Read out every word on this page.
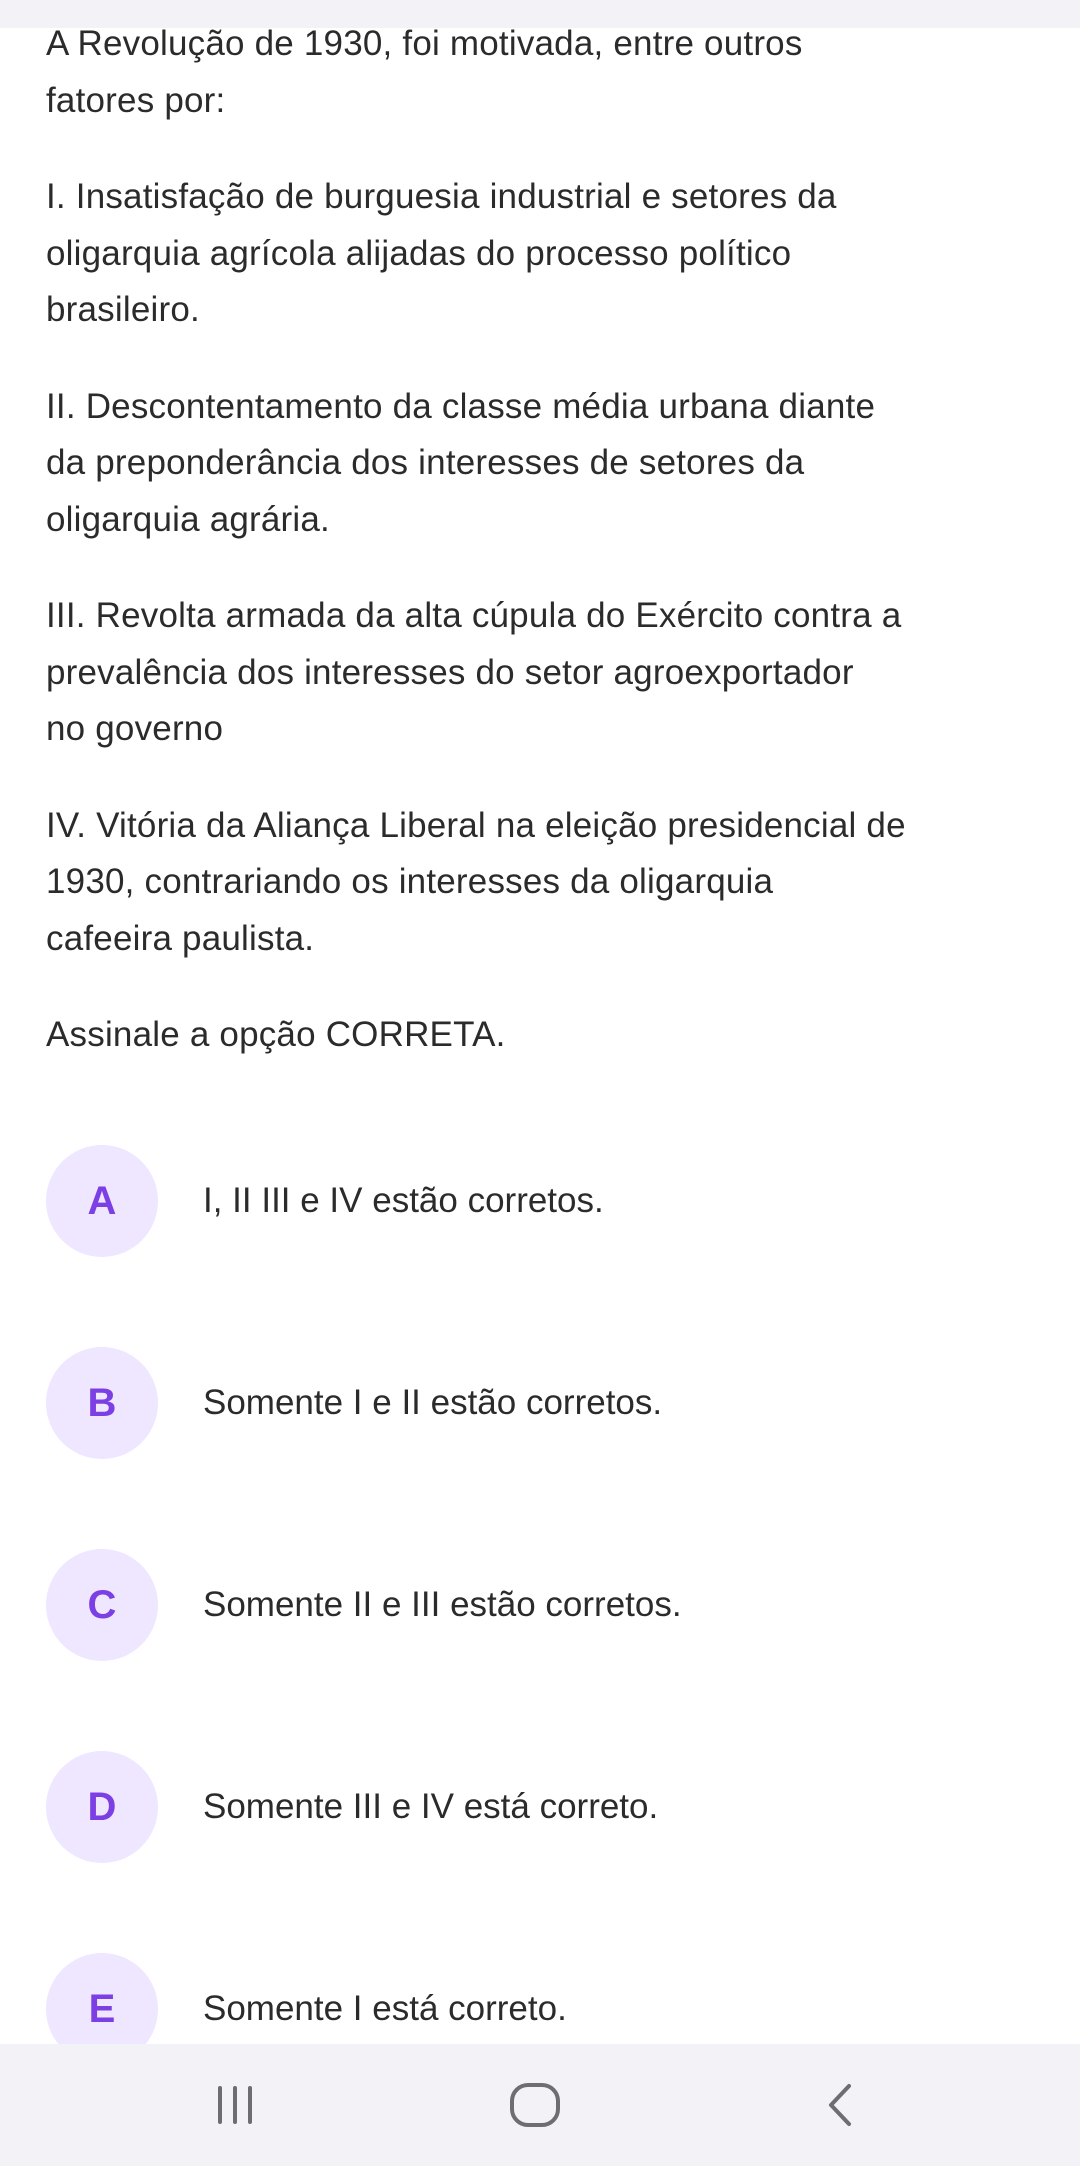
A Revolução de 1930, foi motivada, entre outros
fatores por:

I. Insatisfação de burguesia industrial e setores da
oligarquia agrícola alijadas do processo político
brasileiro.

II. Descontentamento da classe média urbana diante
da preponderância dos interesses de setores da
oligarquia agrária.

III. Revolta armada da alta cúpula do Exército contra a
prevalência dos interesses do setor agroexportador
no governo

IV. Vitória da Aliança Liberal na eleição presidencial de
1930, contrariando os interesses da oligarquia
cafeeira paulista.

Assinale a opção CORRETA.

A	I, II III e IV estão corretos.
B	Somente I e II estão corretos.
C	Somente II e III estão corretos.
D	Somente III e IV está correto.
E	Somente I está correto.
